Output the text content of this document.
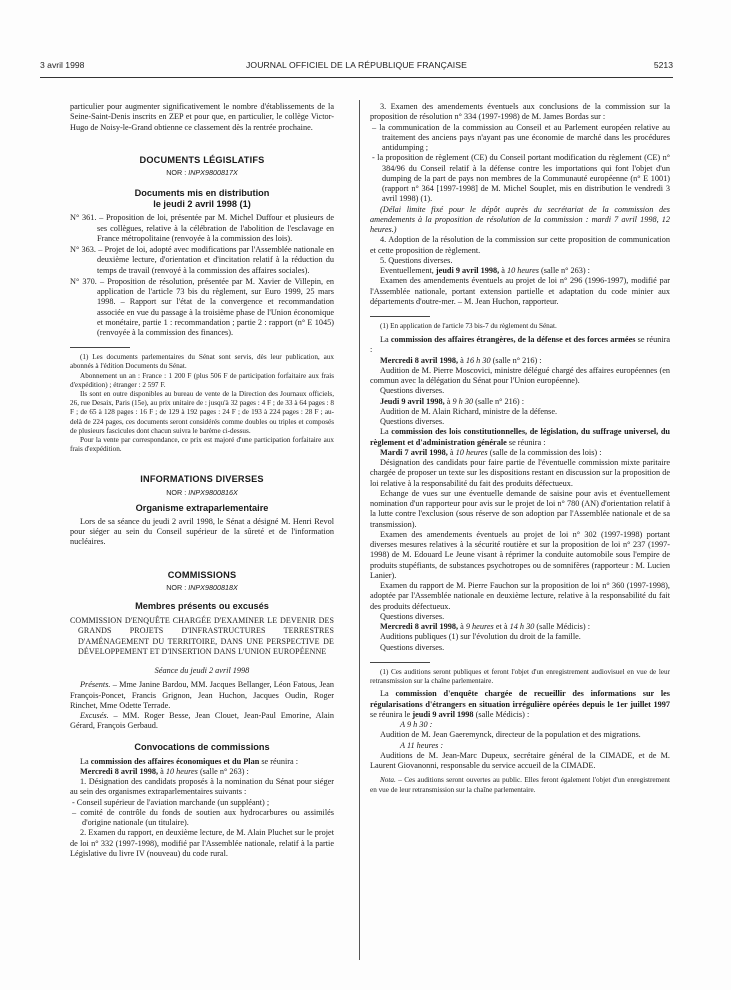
3 avril 1998	JOURNAL OFFICIEL DE LA RÉPUBLIQUE FRANÇAISE	5213

particulier pour augmenter significativement le nombre d'établissements de la Seine-Saint-Denis inscrits en ZEP et pour que, en particulier, le collège Victor-Hugo de Noisy-le-Grand obtienne ce classement dès la rentrée prochaine.

DOCUMENTS LÉGISLATIFS

NOR : INPX9800817X

Documents mis en distribution

le jeudi 2 avril 1998 (1)

N° 361. – Proposition de loi, présentée par M. Michel Duffour et plusieurs de ses collègues, relative à la célébration de l'abolition de l'esclavage en France métropolitaine (renvoyée à la commission des lois).

N° 363. – Projet de loi, adopté avec modifications par l'Assemblée nationale en deuxième lecture, d'orientation et d'incitation relatif à la réduction du temps de travail (renvoyé à la commission des affaires sociales).

N° 370. – Proposition de résolution, présentée par M. Xavier de Villepin, en application de l'article 73 bis du règlement, sur Euro 1999, 25 mars 1998. – Rapport sur l'état de la convergence et recommandation associée en vue du passage à la troisième phase de l'Union économique et monétaire, partie 1 : recommandation ; partie 2 : rapport (n° E 1045) (renvoyée à la commission des finances).

(1) Les documents parlementaires du Sénat sont servis, dès leur publication, aux abonnés à l'édition Documents du Sénat.

Abonnement un an : France : 1 200 F (plus 506 F de participation forfaitaire aux frais d'expédition) ; étranger : 2 597 F.

Ils sont en outre disponibles au bureau de vente de la Direction des Journaux officiels, 26, rue Desaix, Paris (15e), au prix unitaire de : jusqu'à 32 pages : 4 F ; de 33 à 64 pages : 8 F ; de 65 à 128 pages : 16 F ; de 129 à 192 pages : 24 F ; de 193 à 224 pages : 28 F ; au-delà de 224 pages, ces documents seront considérés comme doubles ou triples et composés de plusieurs fascicules dont chacun suivra le barème ci-dessus.

Pour la vente par correspondance, ce prix est majoré d'une participation forfaitaire aux frais d'expédition.

INFORMATIONS DIVERSES

NOR : INPX9800816X

Organisme extraparlementaire

Lors de sa séance du jeudi 2 avril 1998, le Sénat a désigné M. Henri Revol pour siéger au sein du Conseil supérieur de la sûreté et de l'information nucléaires.

COMMISSIONS

NOR : INPX9800818X

Membres présents ou excusés

COMMISSION D'ENQUÊTE CHARGÉE D'EXAMINER LE DEVENIR DES GRANDS PROJETS D'INFRASTRUCTURES TERRESTRES D'AMÉNAGEMENT DU TERRITOIRE, DANS UNE PERSPECTIVE DE DÉVELOPPEMENT ET D'INSERTION DANS L'UNION EUROPÉENNE

Séance du jeudi 2 avril 1998

Présents. – Mme Janine Bardou, MM. Jacques Bellanger, Léon Fatous, Jean François-Poncet, Francis Grignon, Jean Huchon, Jacques Oudin, Roger Rinchet, Mme Odette Terrade.

Excusés. – MM. Roger Besse, Jean Clouet, Jean-Paul Emorine, Alain Gérard, François Gerbaud.

Convocations de commissions

La commission des affaires économiques et du Plan se réunira :

Mercredi 8 avril 1998, à 10 heures (salle n° 263) :

1. Désignation des candidats proposés à la nomination du Sénat pour siéger au sein des organismes extraparlementaires suivants :

- Conseil supérieur de l'aviation marchande (un suppléant) ;

– comité de contrôle du fonds de soutien aux hydrocarbures ou assimilés d'origine nationale (un titulaire).

2. Examen du rapport, en deuxième lecture, de M. Alain Pluchet sur le projet de loi n° 332 (1997-1998), modifié par l'Assemblée nationale, relatif à la partie Législative du livre IV (nouveau) du code rural.

3. Examen des amendements éventuels aux conclusions de la commission sur la proposition de résolution n° 334 (1997-1998) de M. James Bordas sur :

– la communication de la commission au Conseil et au Parlement européen relative au traitement des anciens pays n'ayant pas une économie de marché dans les procédures antidumping ;

- la proposition de règlement (CE) du Conseil portant modification du règlement (CE) n° 384/96 du Conseil relatif à la défense contre les importations qui font l'objet d'un dumping de la part de pays non membres de la Communauté européenne (n° E 1001) (rapport n° 364 [1997-1998] de M. Michel Souplet, mis en distribution le vendredi 3 avril 1998) (1).

(Délai limite fixé pour le dépôt auprès du secrétariat de la commission des amendements à la proposition de résolution de la commission : mardi 7 avril 1998, 12 heures.)

4. Adoption de la résolution de la commission sur cette proposition de communication et cette proposition de règlement.

5. Questions diverses.

Eventuellement, jeudi 9 avril 1998, à 10 heures (salle n° 263) :

Examen des amendements éventuels au projet de loi n° 296 (1996-1997), modifié par l'Assemblée nationale, portant extension partielle et adaptation du code minier aux départements d'outre-mer. – M. Jean Huchon, rapporteur.

(1) En application de l'article 73 bis-7 du règlement du Sénat.

La commission des affaires étrangères, de la défense et des forces armées se réunira :

Mercredi 8 avril 1998, à 16 h 30 (salle n° 216) :

Audition de M. Pierre Moscovici, ministre délégué chargé des affaires européennes (en commun avec la délégation du Sénat pour l'Union européenne).

Questions diverses.

Jeudi 9 avril 1998, à 9 h 30 (salle n° 216) :

Audition de M. Alain Richard, ministre de la défense.

Questions diverses.

La commission des lois constitutionnelles, de législation, du suffrage universel, du règlement et d'administration générale se réunira :

Mardi 7 avril 1998, à 10 heures (salle de la commission des lois) :

Désignation des candidats pour faire partie de l'éventuelle commission mixte paritaire chargée de proposer un texte sur les dispositions restant en discussion sur la proposition de loi relative à la responsabilité du fait des produits défectueux.

Echange de vues sur une éventuelle demande de saisine pour avis et éventuellement nomination d'un rapporteur pour avis sur le projet de loi n° 780 (AN) d'orientation relatif à la lutte contre l'exclusion (sous réserve de son adoption par l'Assemblée nationale et de sa transmission).

Examen des amendements éventuels au projet de loi n° 302 (1997-1998) portant diverses mesures relatives à la sécurité routière et sur la proposition de loi n° 237 (1997-1998) de M. Edouard Le Jeune visant à réprimer la conduite automobile sous l'empire de produits stupéfiants, de substances psychotropes ou de somnifères (rapporteur : M. Lucien Lanier).

Examen du rapport de M. Pierre Fauchon sur la proposition de loi n° 360 (1997-1998), adoptée par l'Assemblée nationale en deuxième lecture, relative à la responsabilité du fait des produits défectueux.

Questions diverses.

Mercredi 8 avril 1998, à 9 heures et à 14 h 30 (salle Médicis) :

Auditions publiques (1) sur l'évolution du droit de la famille.

Questions diverses.

(1) Ces auditions seront publiques et feront l'objet d'un enregistrement audiovisuel en vue de leur retransmission sur la chaîne parlementaire.

La commission d'enquête chargée de recueillir des informations sur les régularisations d'étrangers en situation irrégulière opérées depuis le 1er juillet 1997 se réunira le jeudi 9 avril 1998 (salle Médicis) :

A 9 h 30 :

Audition de M. Jean Gaeremynck, directeur de la population et des migrations.

A 11 heures :

Auditions de M. Jean-Marc Dupeux, secrétaire général de la CIMADE, et de M. Laurent Giovanonni, responsable du service accueil de la CIMADE.

Nota. – Ces auditions seront ouvertes au public. Elles feront également l'objet d'un enregistrement en vue de leur retransmission sur la chaîne parlementaire.
